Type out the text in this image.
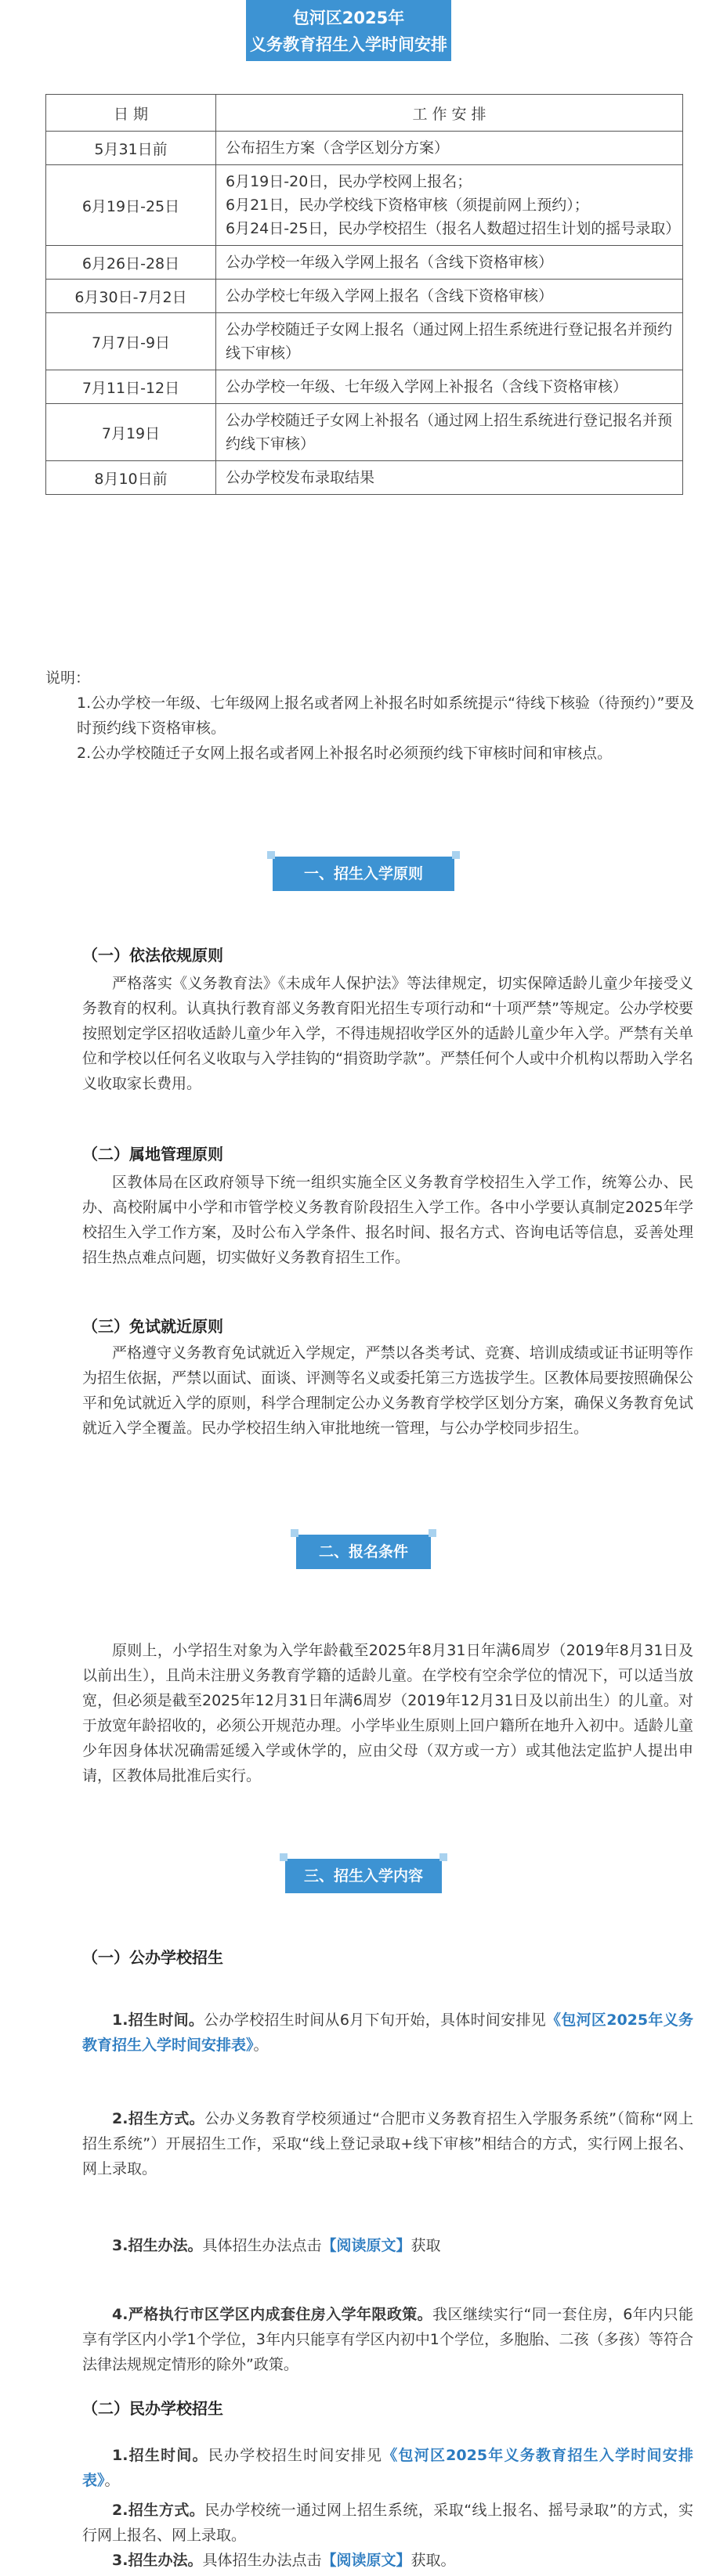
包河区2025年
义务教育招生入学时间安排表
日 期	工 作 安 排
5月31日前	公布招生方案（含学区划分方案）

6月19日-25日	6月19日-20日，民办学校网上报名；
6月21日，民办学校线下资格审核（须提前网上预约）；
6月24日-25日，民办学校招生（报名人数超过招生计划的摇号录取）

6月26日-28日	公办学校一年级入学网上报名（含线下资格审核）

6月30日-7月2日	公办学校七年级入学网上报名（含线下资格审核）

7月7日-9日	公办学校随迁子女网上报名（通过网上招生系统进行登记报名并预约线下审核）

7月11日-12日	公办学校一年级、七年级入学网上补报名（含线下资格审核）

7月19日	公办学校随迁子女网上补报名（通过网上招生系统进行登记报名并预约线下审核）

8月10日前	公办学校发布录取结果

说明：

1.公办学校一年级、七年级网上报名或者网上补报名时如系统提示“待线下核验（待预约）”要及时预约线下资格审核。

2.公办学校随迁子女网上报名或者网上补报名时必须预约线下审核时间和审核点。

一、招生入学原则
（一）依法依规原则
严格落实《义务教育法》《未成年人保护法》等法律规定，切实保障适龄儿童少年接受义务教育的权利。认真执行教育部义务教育阳光招生专项行动和“十项严禁”等规定。公办学校要按照划定学区招收适龄儿童少年入学，不得违规招收学区外的适龄儿童少年入学。严禁有关单位和学校以任何名义收取与入学挂钩的“捐资助学款”。严禁任何个人或中介机构以帮助入学名义收取家长费用。
（二）属地管理原则
区教体局在区政府领导下统一组织实施全区义务教育学校招生入学工作，统筹公办、民办、高校附属中小学和市管学校义务教育阶段招生入学工作。各中小学要认真制定2025年学校招生入学工作方案，及时公布入学条件、报名时间、报名方式、咨询电话等信息，妥善处理招生热点难点问题，切实做好义务教育招生工作。
（三）免试就近原则
严格遵守义务教育免试就近入学规定，严禁以各类考试、竞赛、培训成绩或证书证明等作为招生依据，严禁以面试、面谈、评测等名义或委托第三方选拔学生。区教体局要按照确保公平和免试就近入学的原则，科学合理制定公办义务教育学校学区划分方案，确保义务教育免试就近入学全覆盖。民办学校招生纳入审批地统一管理，与公办学校同步招生。
二、报名条件
原则上，小学招生对象为入学年龄截至2025年8月31日年满6周岁（2019年8月31日及以前出生），且尚未注册义务教育学籍的适龄儿童。在学校有空余学位的情况下，可以适当放宽，但必须是截至2025年12月31日年满6周岁（2019年12月31日及以前出生）的儿童。对于放宽年龄招收的，必须公开规范办理。小学毕业生原则上回户籍所在地升入初中。适龄儿童少年因身体状况确需延缓入学或休学的，应由父母（双方或一方）或其他法定监护人提出申请，区教体局批准后实行。
三、招生入学内容
（一）公办学校招生
1.招生时间。公办学校招生时间从6月下旬开始，具体时间安排见《包河区2025年义务教育招生入学时间安排表》。
2.招生方式。公办义务教育学校须通过“合肥市义务教育招生入学服务系统”（简称“网上招生系统”）开展招生工作，采取“线上登记录取+线下审核”相结合的方式，实行网上报名、网上录取。
3.招生办法。具体招生办法点击【阅读原文】获取
4.严格执行市区学区内成套住房入学年限政策。我区继续实行“同一套住房，6年内只能享有学区内小学1个学位，3年内只能享有学区内初中1个学位，多胞胎、二孩（多孩）等符合法律法规规定情形的除外”政策。
（二）民办学校招生
1.招生时间。民办学校招生时间安排见《包河区2025年义务教育招生入学时间安排表》。
2.招生方式。民办学校统一通过网上招生系统，采取“线上报名、摇号录取”的方式，实行网上报名、网上录取。
3.招生办法。具体招生办法点击【阅读原文】获取。
